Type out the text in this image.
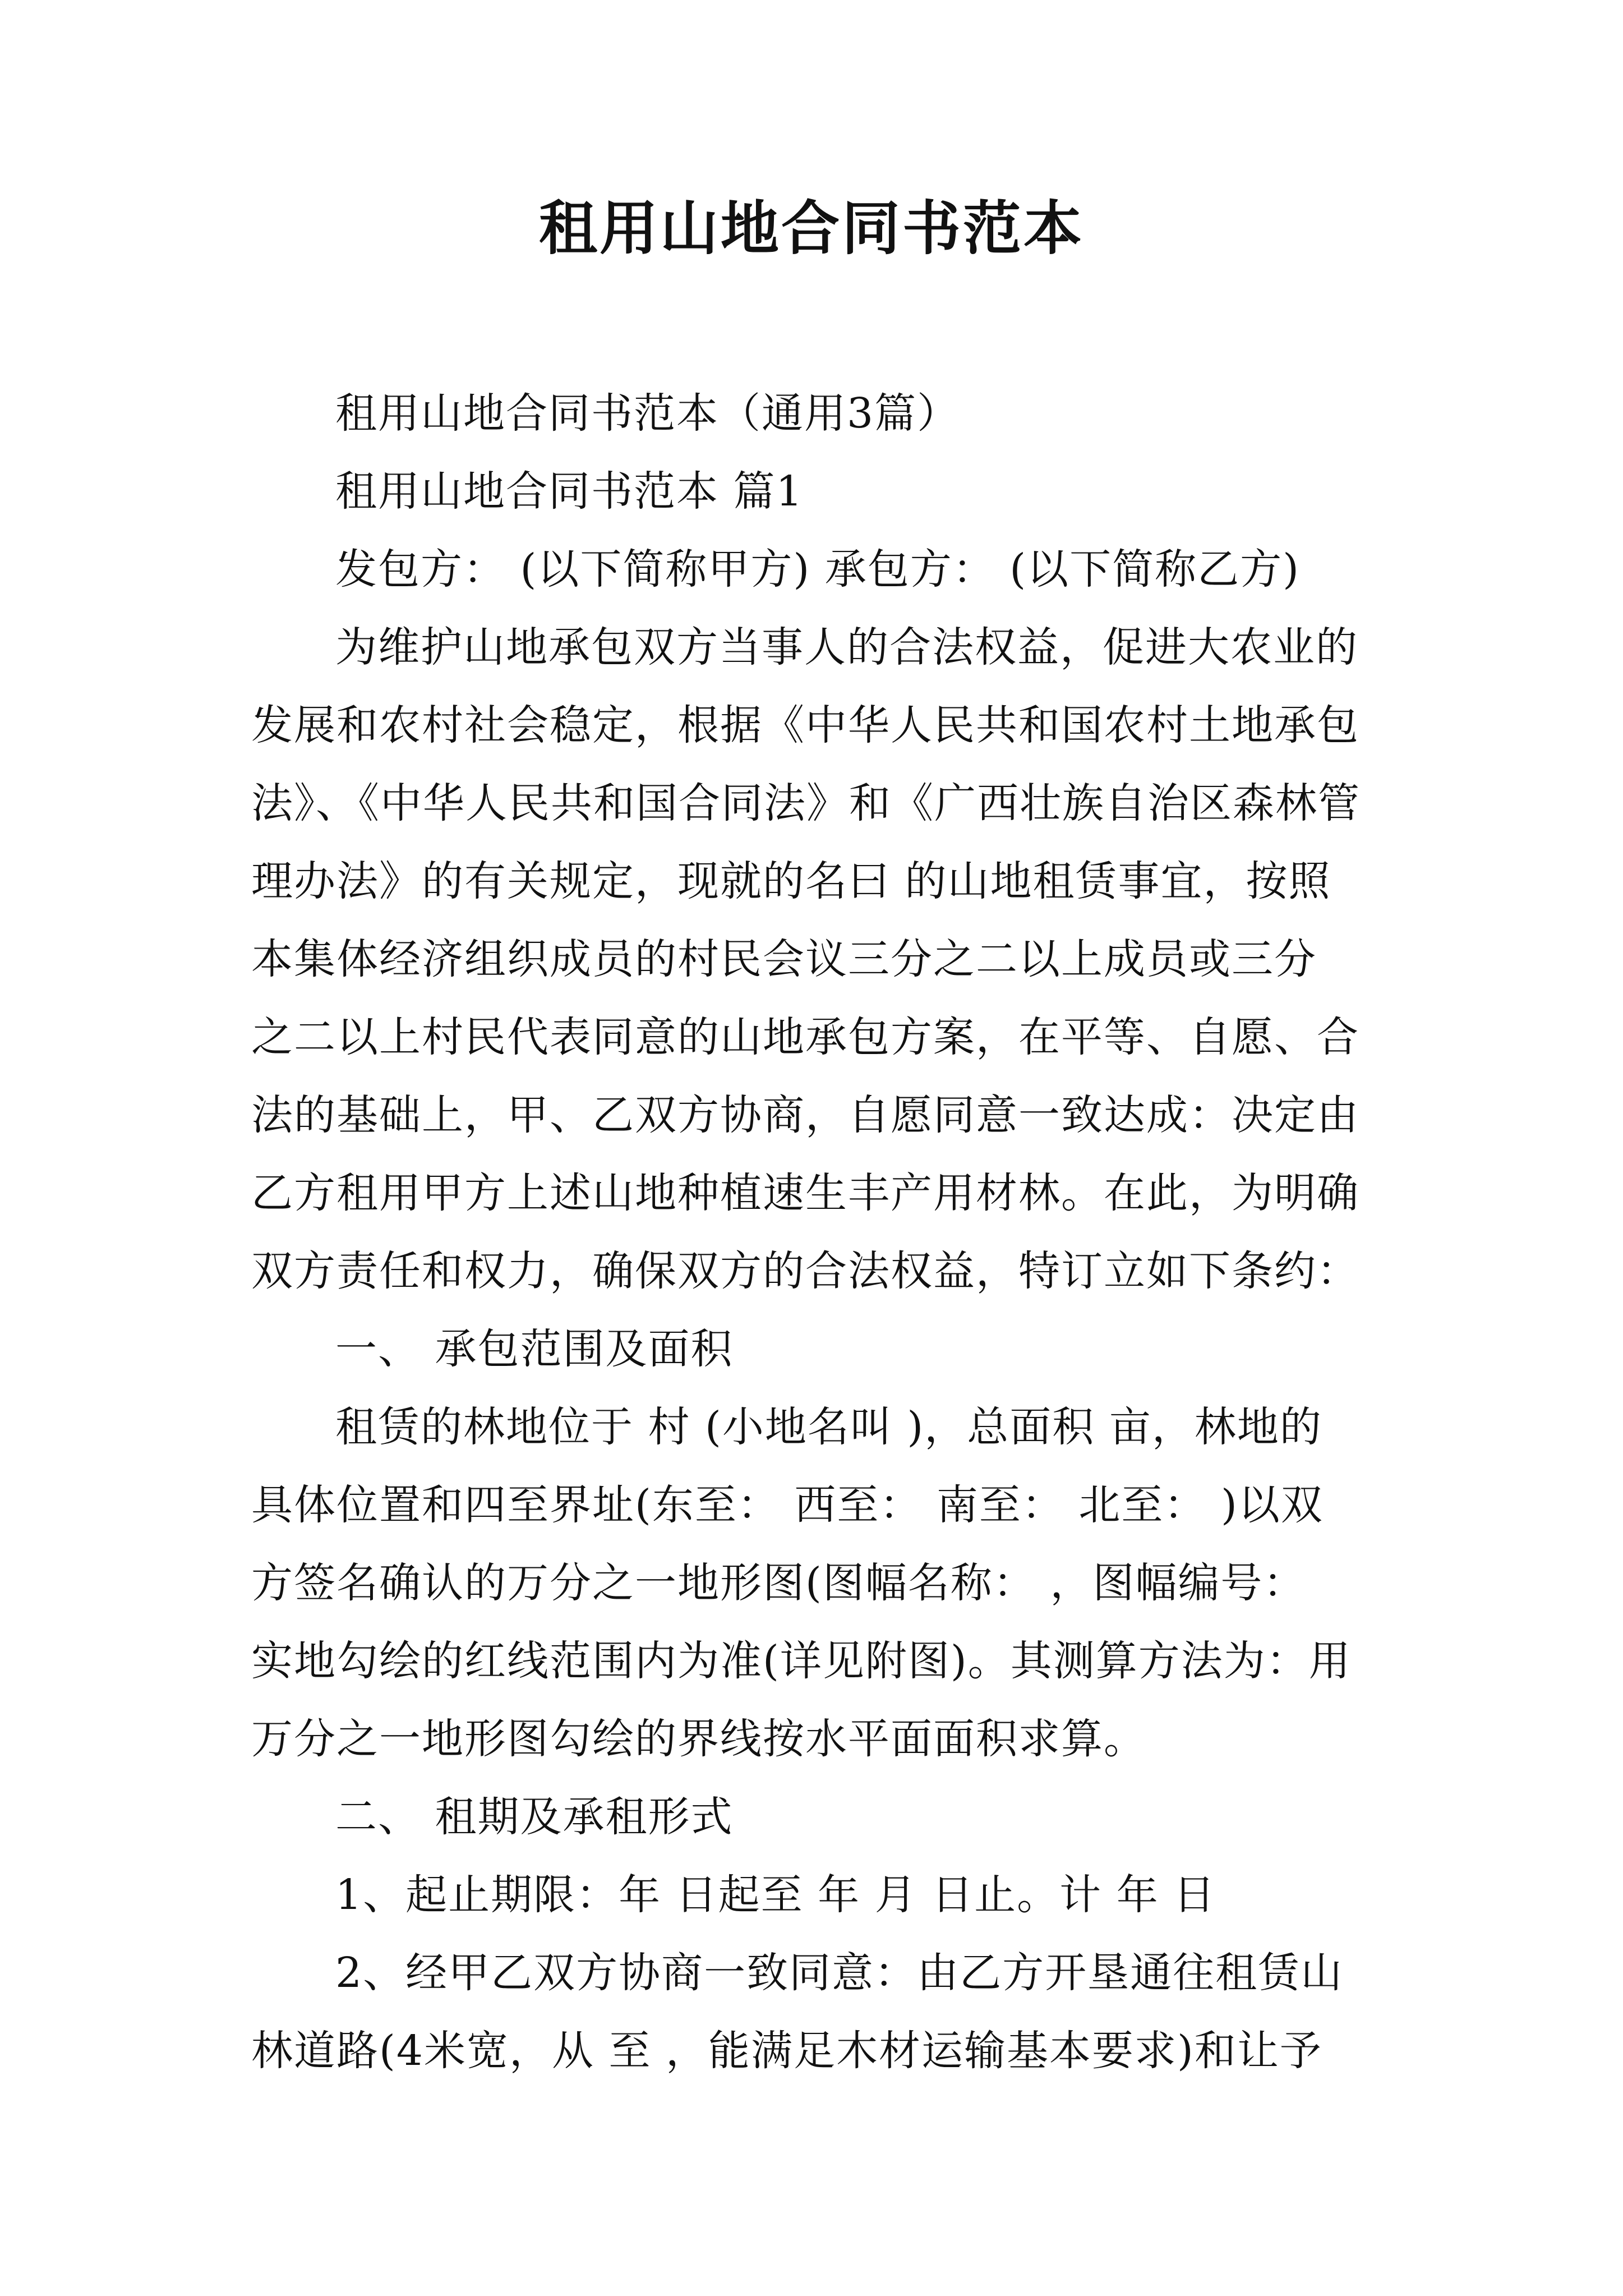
租用山地合同书范本
租用山地合同书范本（通用3篇）
租用山地合同书范本 篇1
发包方： (以下简称甲方) 承包方： (以下简称乙方)
为维护山地承包双方当事人的合法权益，促进大农业的
发展和农村社会稳定，根据《中华人民共和国农村土地承包
法》、《中华人民共和国合同法》和《广西壮族自治区森林管
理办法》的有关规定，现就的名曰 的山地租赁事宜，按照
本集体经济组织成员的村民会议三分之二以上成员或三分
之二以上村民代表同意的山地承包方案，在平等、自愿、合
法的基础上，甲、乙双方协商，自愿同意一致达成：决定由
乙方租用甲方上述山地种植速生丰产用材林。在此，为明确
双方责任和权力，确保双方的合法权益，特订立如下条约：
一、 承包范围及面积
租赁的林地位于 村 (小地名叫 )，总面积 亩，林地的
具体位置和四至界址(东至： 西至： 南至： 北至： )以双
方签名确认的万分之一地形图(图幅名称： ，图幅编号：
实地勾绘的红线范围内为准(详见附图)。其测算方法为：用
万分之一地形图勾绘的界线按水平面面积求算。
二、 租期及承租形式
1、起止期限：年 日起至 年 月 日止。计 年 日
2、经甲乙双方协商一致同意：由乙方开垦通往租赁山
林道路(4米宽，从 至 ，能满足木材运输基本要求)和让予
